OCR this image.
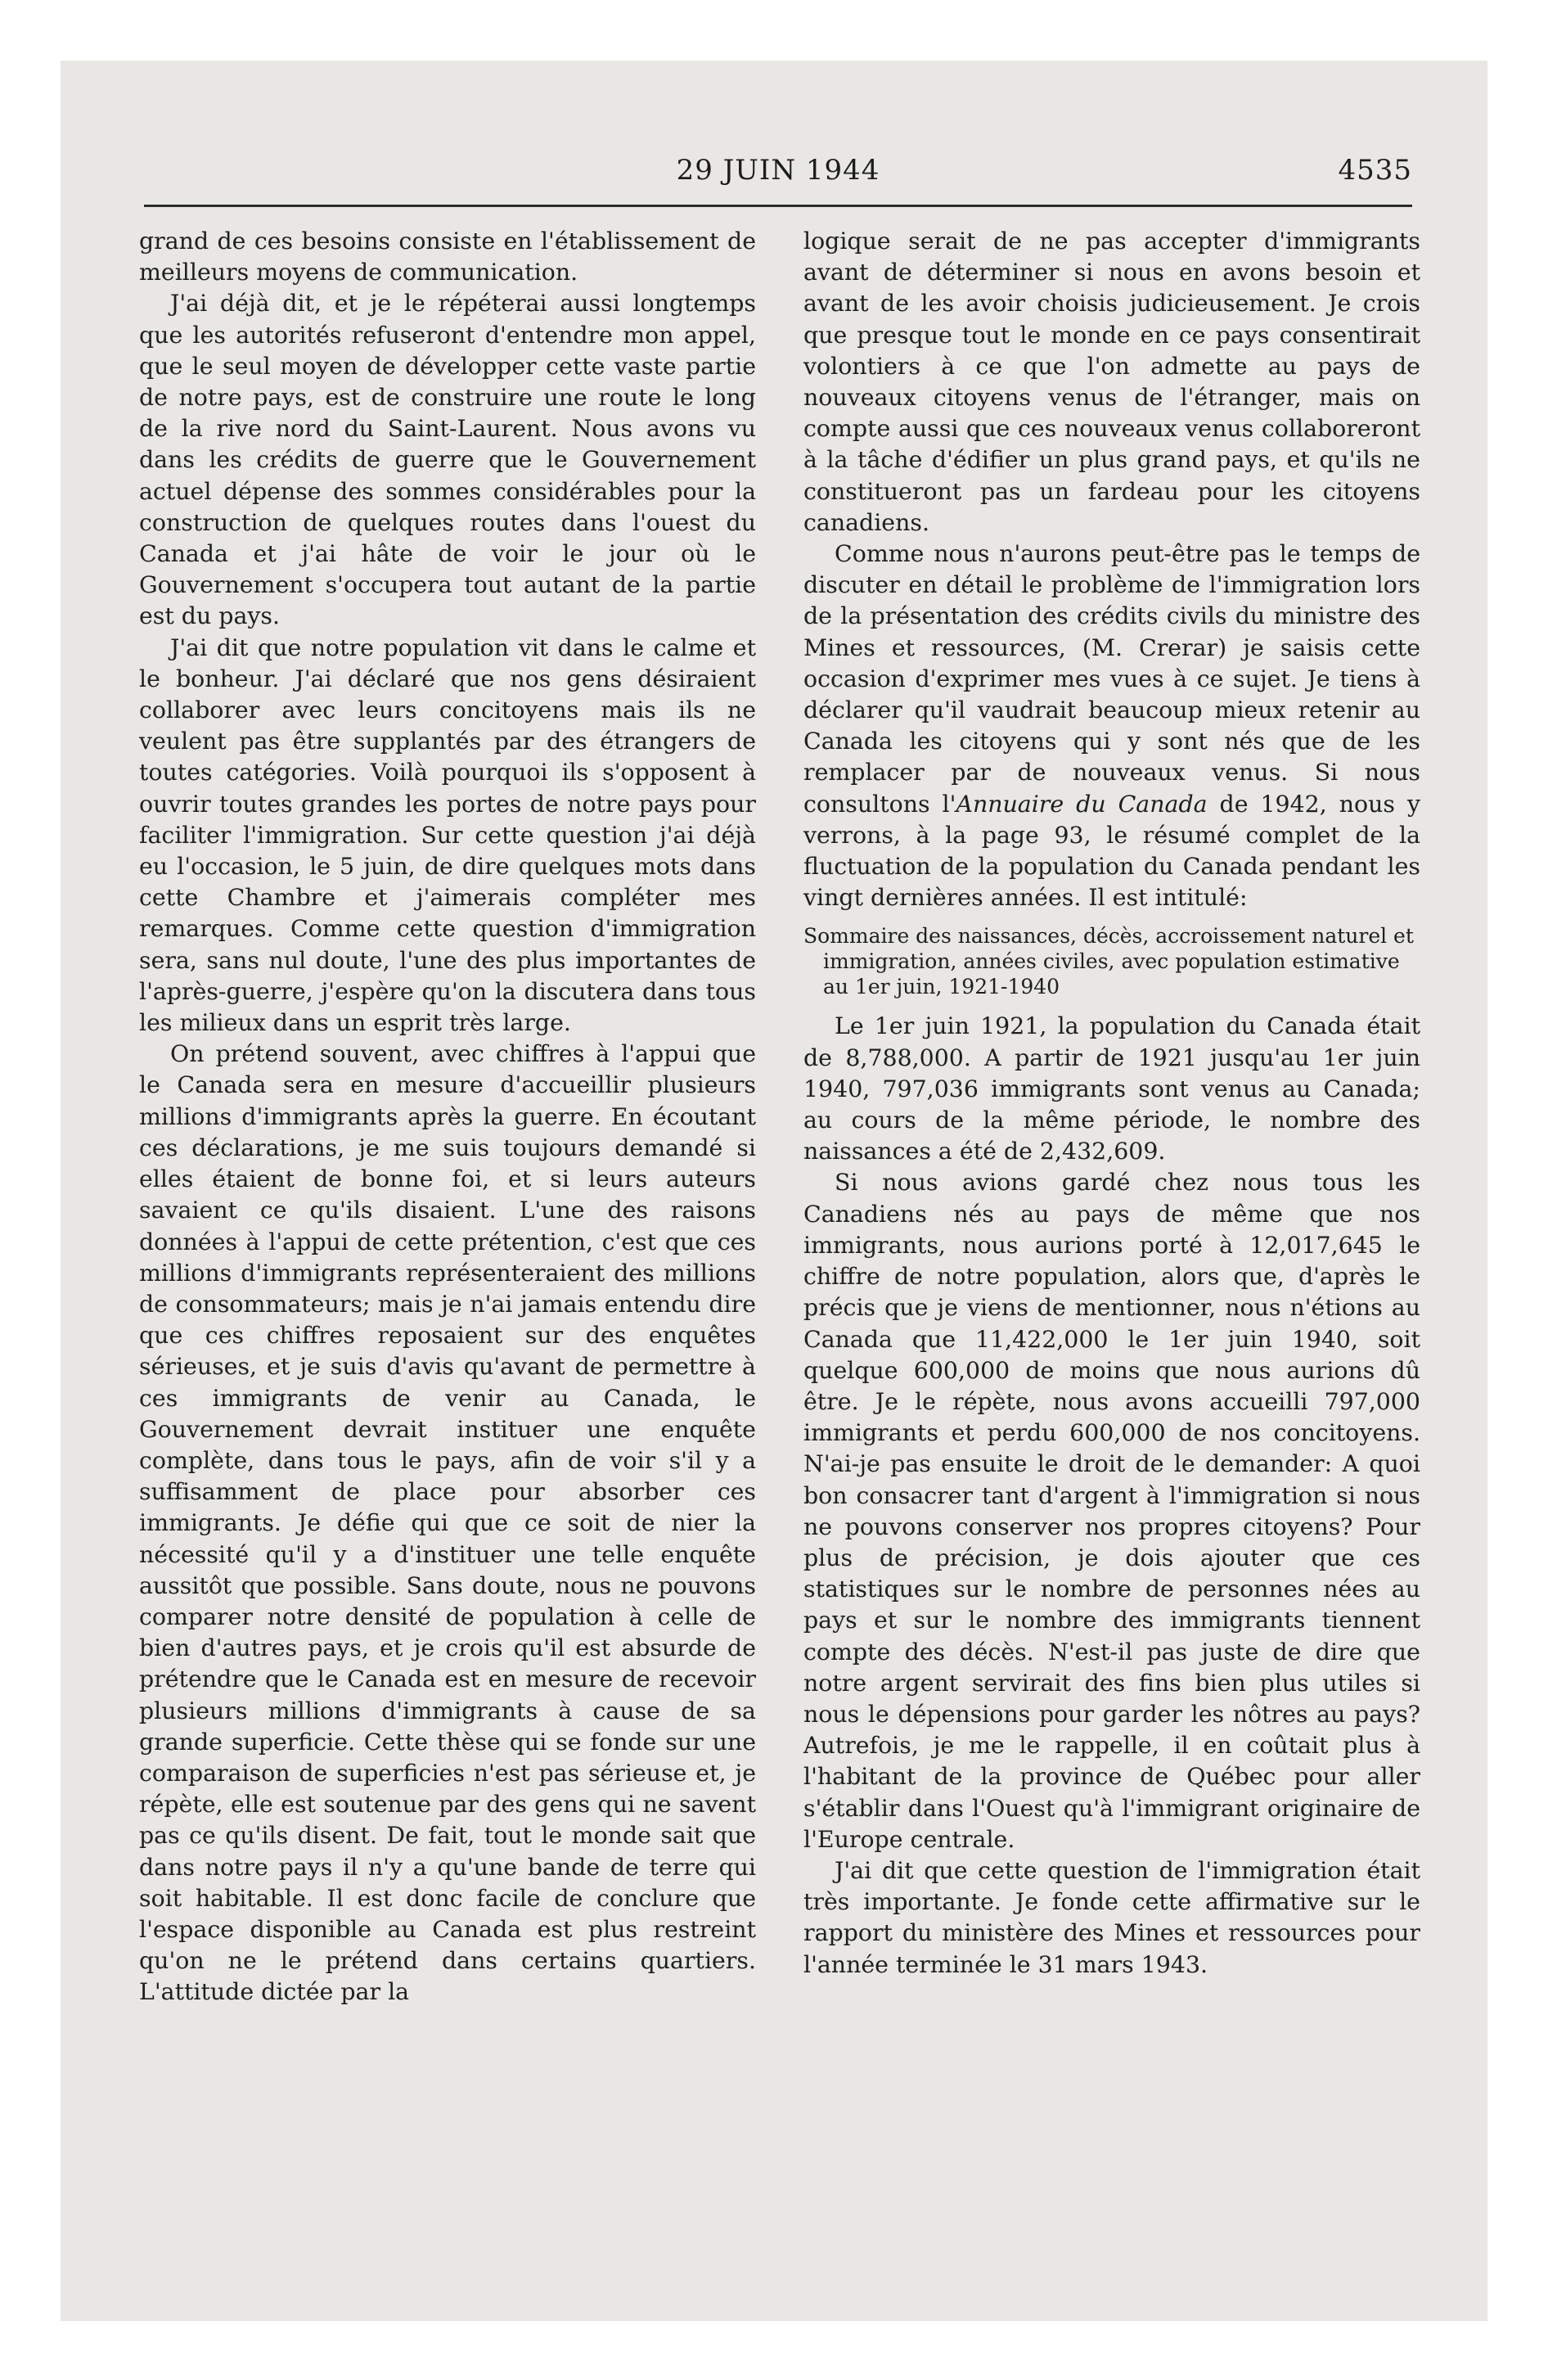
29 JUIN 1944	4535

grand de ces besoins consiste en l'établissement de meilleurs moyens de communication.

J'ai déjà dit, et je le répéterai aussi longtemps que les autorités refuseront d'entendre mon appel, que le seul moyen de développer cette vaste partie de notre pays, est de construire une route le long de la rive nord du Saint-Laurent. Nous avons vu dans les crédits de guerre que le Gouvernement actuel dépense des sommes considérables pour la construction de quelques routes dans l'ouest du Canada et j'ai hâte de voir le jour où le Gouvernement s'occupera tout autant de la partie est du pays.

J'ai dit que notre population vit dans le calme et le bonheur. J'ai déclaré que nos gens désiraient collaborer avec leurs concitoyens mais ils ne veulent pas être supplantés par des étrangers de toutes catégories. Voilà pourquoi ils s'opposent à ouvrir toutes grandes les portes de notre pays pour faciliter l'immigration. Sur cette question j'ai déjà eu l'occasion, le 5 juin, de dire quelques mots dans cette Chambre et j'aimerais compléter mes remarques. Comme cette question d'immigration sera, sans nul doute, l'une des plus importantes de l'après-guerre, j'espère qu'on la discutera dans tous les milieux dans un esprit très large.

On prétend souvent, avec chiffres à l'appui que le Canada sera en mesure d'accueillir plusieurs millions d'immigrants après la guerre. En écoutant ces déclarations, je me suis toujours demandé si elles étaient de bonne foi, et si leurs auteurs savaient ce qu'ils disaient. L'une des raisons données à l'appui de cette prétention, c'est que ces millions d'immigrants représenteraient des millions de consommateurs; mais je n'ai jamais entendu dire que ces chiffres reposaient sur des enquêtes sérieuses, et je suis d'avis qu'avant de permettre à ces immigrants de venir au Canada, le Gouvernement devrait instituer une enquête complète, dans tous le pays, afin de voir s'il y a suffisamment de place pour absorber ces immigrants. Je défie qui que ce soit de nier la nécessité qu'il y a d'instituer une telle enquête aussitôt que possible. Sans doute, nous ne pouvons comparer notre densité de population à celle de bien d'autres pays, et je crois qu'il est absurde de prétendre que le Canada est en mesure de recevoir plusieurs millions d'immigrants à cause de sa grande superficie. Cette thèse qui se fonde sur une comparaison de superficies n'est pas sérieuse et, je répète, elle est soutenue par des gens qui ne savent pas ce qu'ils disent. De fait, tout le monde sait que dans notre pays il n'y a qu'une bande de terre qui soit habitable. Il est donc facile de conclure que l'espace disponible au Canada est plus restreint qu'on ne le prétend dans certains quartiers. L'attitude dictée par la

logique serait de ne pas accepter d'immigrants avant de déterminer si nous en avons besoin et avant de les avoir choisis judicieusement. Je crois que presque tout le monde en ce pays consentirait volontiers à ce que l'on admette au pays de nouveaux citoyens venus de l'étranger, mais on compte aussi que ces nouveaux venus collaboreront à la tâche d'édifier un plus grand pays, et qu'ils ne constitueront pas un fardeau pour les citoyens canadiens.

Comme nous n'aurons peut-être pas le temps de discuter en détail le problème de l'immigration lors de la présentation des crédits civils du ministre des Mines et ressources, (M. Crerar) je saisis cette occasion d'exprimer mes vues à ce sujet. Je tiens à déclarer qu'il vaudrait beaucoup mieux retenir au Canada les citoyens qui y sont nés que de les remplacer par de nouveaux venus. Si nous consultons l'Annuaire du Canada de 1942, nous y verrons, à la page 93, le résumé complet de la fluctuation de la population du Canada pendant les vingt dernières années. Il est intitulé:

Sommaire des naissances, décès, accroissement naturel et immigration, années civiles, avec population estimative au 1er juin, 1921-1940

Le 1er juin 1921, la population du Canada était de 8,788,000. A partir de 1921 jusqu'au 1er juin 1940, 797,036 immigrants sont venus au Canada; au cours de la même période, le nombre des naissances a été de 2,432,609.

Si nous avions gardé chez nous tous les Canadiens nés au pays de même que nos immigrants, nous aurions porté à 12,017,645 le chiffre de notre population, alors que, d'après le précis que je viens de mentionner, nous n'étions au Canada que 11,422,000 le 1er juin 1940, soit quelque 600,000 de moins que nous aurions dû être. Je le répète, nous avons accueilli 797,000 immigrants et perdu 600,000 de nos concitoyens. N'ai-je pas ensuite le droit de le demander: A quoi bon consacrer tant d'argent à l'immigration si nous ne pouvons conserver nos propres citoyens? Pour plus de précision, je dois ajouter que ces statistiques sur le nombre de personnes nées au pays et sur le nombre des immigrants tiennent compte des décès. N'est-il pas juste de dire que notre argent servirait des fins bien plus utiles si nous le dépensions pour garder les nôtres au pays? Autrefois, je me le rappelle, il en coûtait plus à l'habitant de la province de Québec pour aller s'établir dans l'Ouest qu'à l'immigrant originaire de l'Europe centrale.

J'ai dit que cette question de l'immigration était très importante. Je fonde cette affirmative sur le rapport du ministère des Mines et ressources pour l'année terminée le 31 mars 1943.
